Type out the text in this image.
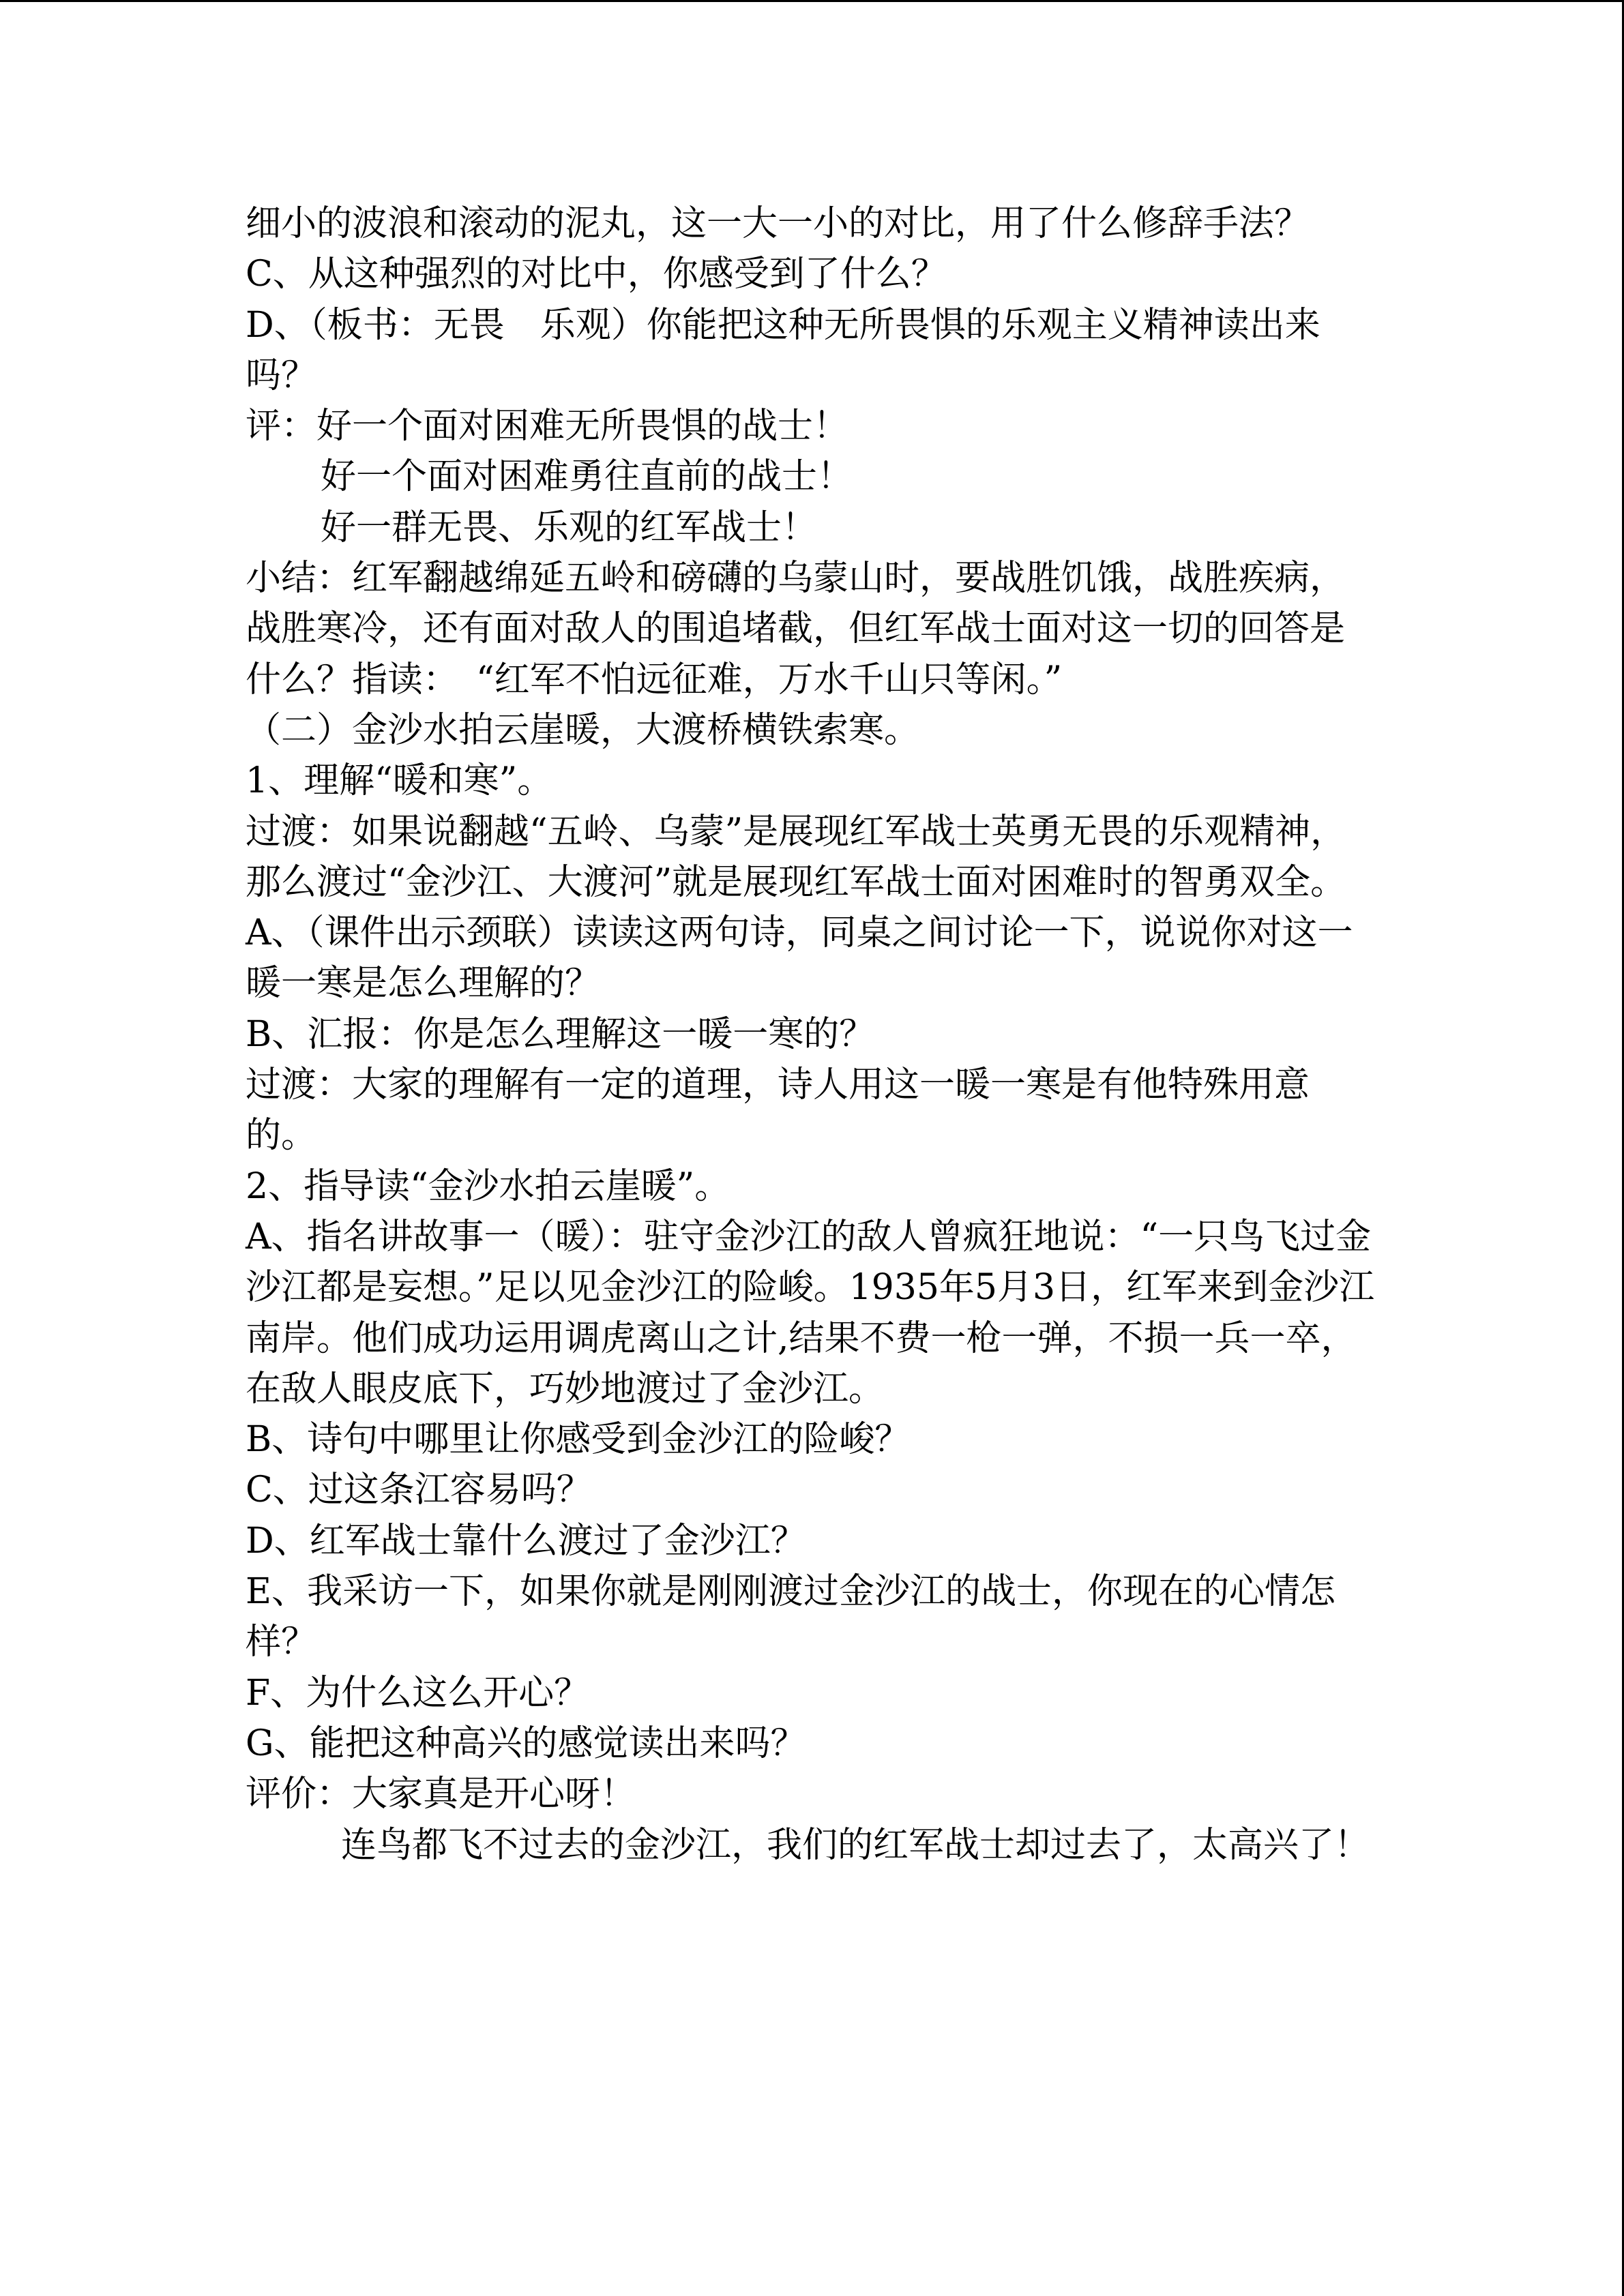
细小的波浪和滚动的泥丸，这一大一小的对比，用了什么修辞手法？

C、从这种强烈的对比中，你感受到了什么？

D、（板书：无畏　乐观）你能把这种无所畏惧的乐观主义精神读出来吗？

评：好一个面对困难无所畏惧的战士！

好一个面对困难勇往直前的战士！

好一群无畏、乐观的红军战士！

小结：红军翻越绵延五岭和磅礴的乌蒙山时，要战胜饥饿，战胜疾病，战胜寒冷，还有面对敌人的围追堵截，但红军战士面对这一切的回答是什么？指读：　“红军不怕远征难，万水千山只等闲。”

（二）金沙水拍云崖暖，大渡桥横铁索寒。

1、理解“暖和寒”。

过渡：如果说翻越“五岭、乌蒙”是展现红军战士英勇无畏的乐观精神，那么渡过“金沙江、大渡河”就是展现红军战士面对困难时的智勇双全。

A、（课件出示颈联）读读这两句诗，同桌之间讨论一下，说说你对这一暖一寒是怎么理解的？

B、汇报：你是怎么理解这一暖一寒的？

过渡：大家的理解有一定的道理，诗人用这一暖一寒是有他特殊用意的。

2、指导读“金沙水拍云崖暖”。

A、指名讲故事一（暖）：驻守金沙江的敌人曾疯狂地说：“一只鸟飞过金沙江都是妄想。”足以见金沙江的险峻。1935年5月3日，红军来到金沙江南岸。他们成功运用调虎离山之计,结果不费一枪一弹，不损一兵一卒，在敌人眼皮底下，巧妙地渡过了金沙江。

B、诗句中哪里让你感受到金沙江的险峻？

C、过这条江容易吗？

D、红军战士靠什么渡过了金沙江？

E、我采访一下，如果你就是刚刚渡过金沙江的战士，你现在的心情怎样？

F、为什么这么开心？

G、能把这种高兴的感觉读出来吗？

评价：大家真是开心呀！

连鸟都飞不过去的金沙江，我们的红军战士却过去了，太高兴了！
